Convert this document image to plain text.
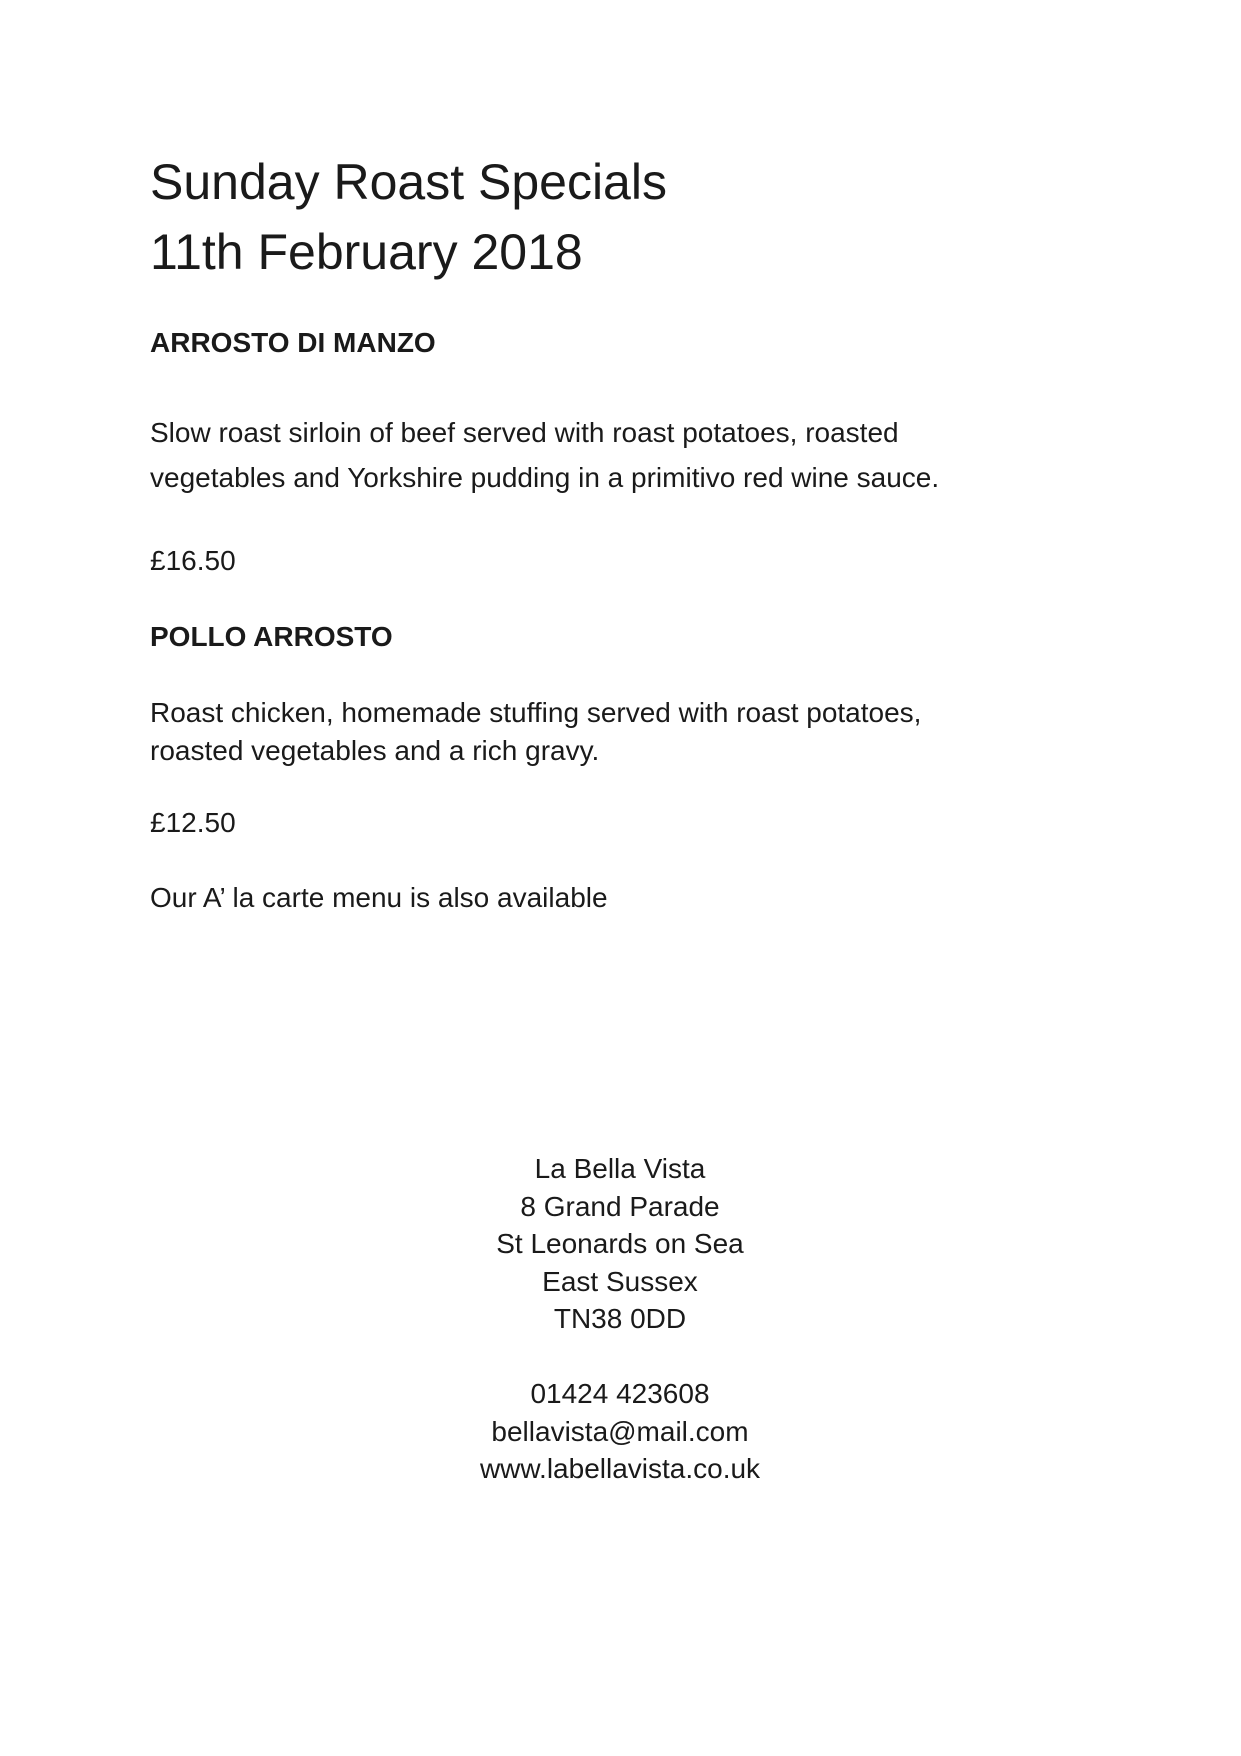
Sunday Roast Specials
11th February 2018
ARROSTO DI MANZO
Slow roast sirloin of beef served with roast potatoes, roasted
vegetables and Yorkshire pudding in a primitivo red wine sauce.

£16.50

POLLO ARROSTO
Roast chicken, homemade stuffing served with roast potatoes,
roasted vegetables and a rich gravy.

£12.50

Our A’ la carte menu is also available

La Bella Vista
8 Grand Parade
St Leonards on Sea
East Sussex
TN38 0DD
01424 423608
bellavista@mail.com
www.labellavista.co.uk
